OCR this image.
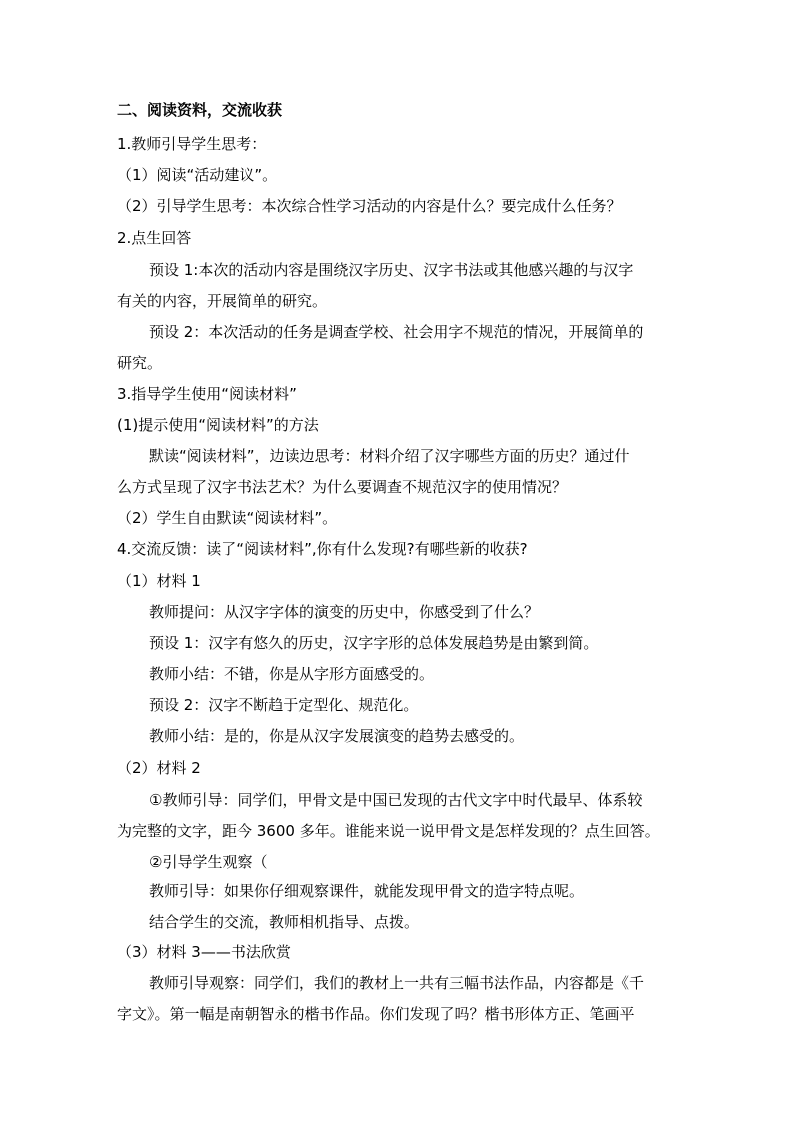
二、阅读资料，交流收获
1.教师引导学生思考：
（1）阅读“活动建议”。
（2）引导学生思考：本次综合性学习活动的内容是什么？要完成什么任务？
2.点生回答
预设 1:本次的活动内容是围绕汉字历史、汉字书法或其他感兴趣的与汉字
有关的内容，开展简单的研究。
预设 2：本次活动的任务是调查学校、社会用字不规范的情况，开展简单的
研究。
3.指导学生使用“阅读材料”
(1)提示使用“阅读材料”的方法
默读“阅读材料”，边读边思考：材料介绍了汉字哪些方面的历史？通过什
么方式呈现了汉字书法艺术？为什么要调查不规范汉字的使用情况？
（2）学生自由默读“阅读材料”。
4.交流反馈：读了“阅读材料”,你有什么发现?有哪些新的收获?
（1）材料 1
教师提问：从汉字字体的演变的历史中，你感受到了什么？
预设 1：汉字有悠久的历史，汉字字形的总体发展趋势是由繁到简。
教师小结：不错，你是从字形方面感受的。
预设 2：汉字不断趋于定型化、规范化。
教师小结：是的，你是从汉字发展演变的趋势去感受的。
（2）材料 2
①教师引导：同学们，甲骨文是中国已发现的古代文字中时代最早、体系较
为完整的文字，距今 3600 多年。谁能来说一说甲骨文是怎样发现的？点生回答。
②引导学生观察（
教师引导：如果你仔细观察课件，就能发现甲骨文的造字特点呢。
结合学生的交流，教师相机指导、点拨。
（3）材料 3——书法欣赏
教师引导观察：同学们，我们的教材上一共有三幅书法作品，内容都是《千
字文》。第一幅是南朝智永的楷书作品。你们发现了吗？楷书形体方正、笔画平
